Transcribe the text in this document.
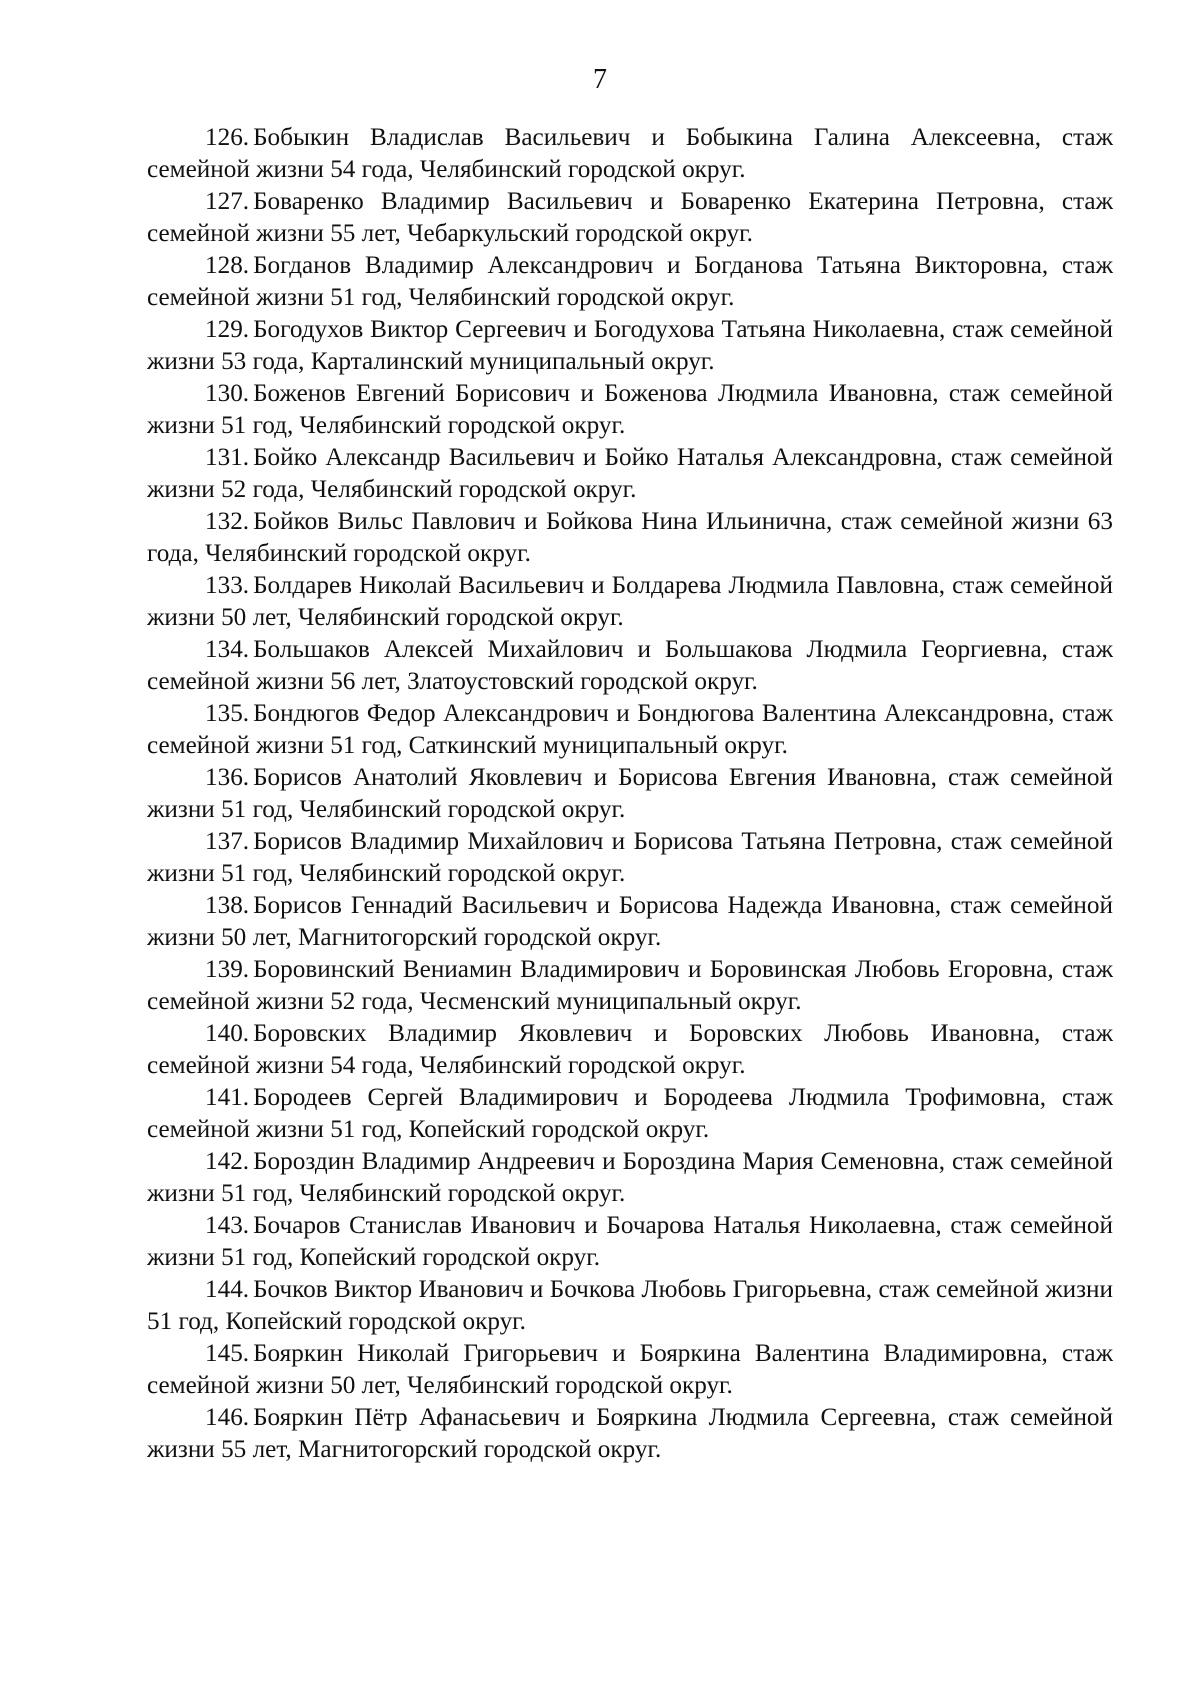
7
126. Бобыкин Владислав Васильевич и Бобыкина Галина Алексеевна, стаж семейной жизни 54 года, Челябинский городской округ.
127. Боваренко Владимир Васильевич и Боваренко Екатерина Петровна, стаж семейной жизни 55 лет, Чебаркульский городской округ.
128. Богданов Владимир Александрович и Богданова Татьяна Викторовна, стаж семейной жизни 51 год, Челябинский городской округ.
129. Богодухов Виктор Сергеевич и Богодухова Татьяна Николаевна, стаж семейной жизни 53 года, Карталинский муниципальный округ.
130. Боженов Евгений Борисович и Боженова Людмила Ивановна, стаж семейной жизни 51 год, Челябинский городской округ.
131. Бойко Александр Васильевич и Бойко Наталья Александровна, стаж семейной жизни 52 года, Челябинский городской округ.
132. Бойков Вильс Павлович и Бойкова Нина Ильинична, стаж семейной жизни 63 года, Челябинский городской округ.
133. Болдарев Николай Васильевич и Болдарева Людмила Павловна, стаж семейной жизни 50 лет, Челябинский городской округ.
134. Большаков Алексей Михайлович и Большакова Людмила Георгиевна, стаж семейной жизни 56 лет, Златоустовский городской округ.
135. Бондюгов Федор Александрович и Бондюгова Валентина Александровна, стаж семейной жизни 51 год, Саткинский муниципальный округ.
136. Борисов Анатолий Яковлевич и Борисова Евгения Ивановна, стаж семейной жизни 51 год, Челябинский городской округ.
137. Борисов Владимир Михайлович и Борисова Татьяна Петровна, стаж семейной жизни 51 год, Челябинский городской округ.
138. Борисов Геннадий Васильевич и Борисова Надежда Ивановна, стаж семейной жизни 50 лет, Магнитогорский городской округ.
139. Боровинский Вениамин Владимирович и Боровинская Любовь Егоровна, стаж семейной жизни 52 года, Чесменский муниципальный округ.
140. Боровских Владимир Яковлевич и Боровских Любовь Ивановна, стаж семейной жизни 54 года, Челябинский городской округ.
141. Бородеев Сергей Владимирович и Бородеева Людмила Трофимовна, стаж семейной жизни 51 год, Копейский городской округ.
142. Бороздин Владимир Андреевич и Бороздина Мария Семеновна, стаж семейной жизни 51 год, Челябинский городской округ.
143. Бочаров Станислав Иванович и Бочарова Наталья Николаевна, стаж семейной жизни 51 год, Копейский городской округ.
144. Бочков Виктор Иванович и Бочкова Любовь Григорьевна, стаж семейной жизни 51 год, Копейский городской округ.
145. Бояркин Николай Григорьевич и Бояркина Валентина Владимировна, стаж семейной жизни 50 лет, Челябинский городской округ.
146. Бояркин Пётр Афанасьевич и Бояркина Людмила Сергеевна, стаж семейной жизни 55 лет, Магнитогорский городской округ.
